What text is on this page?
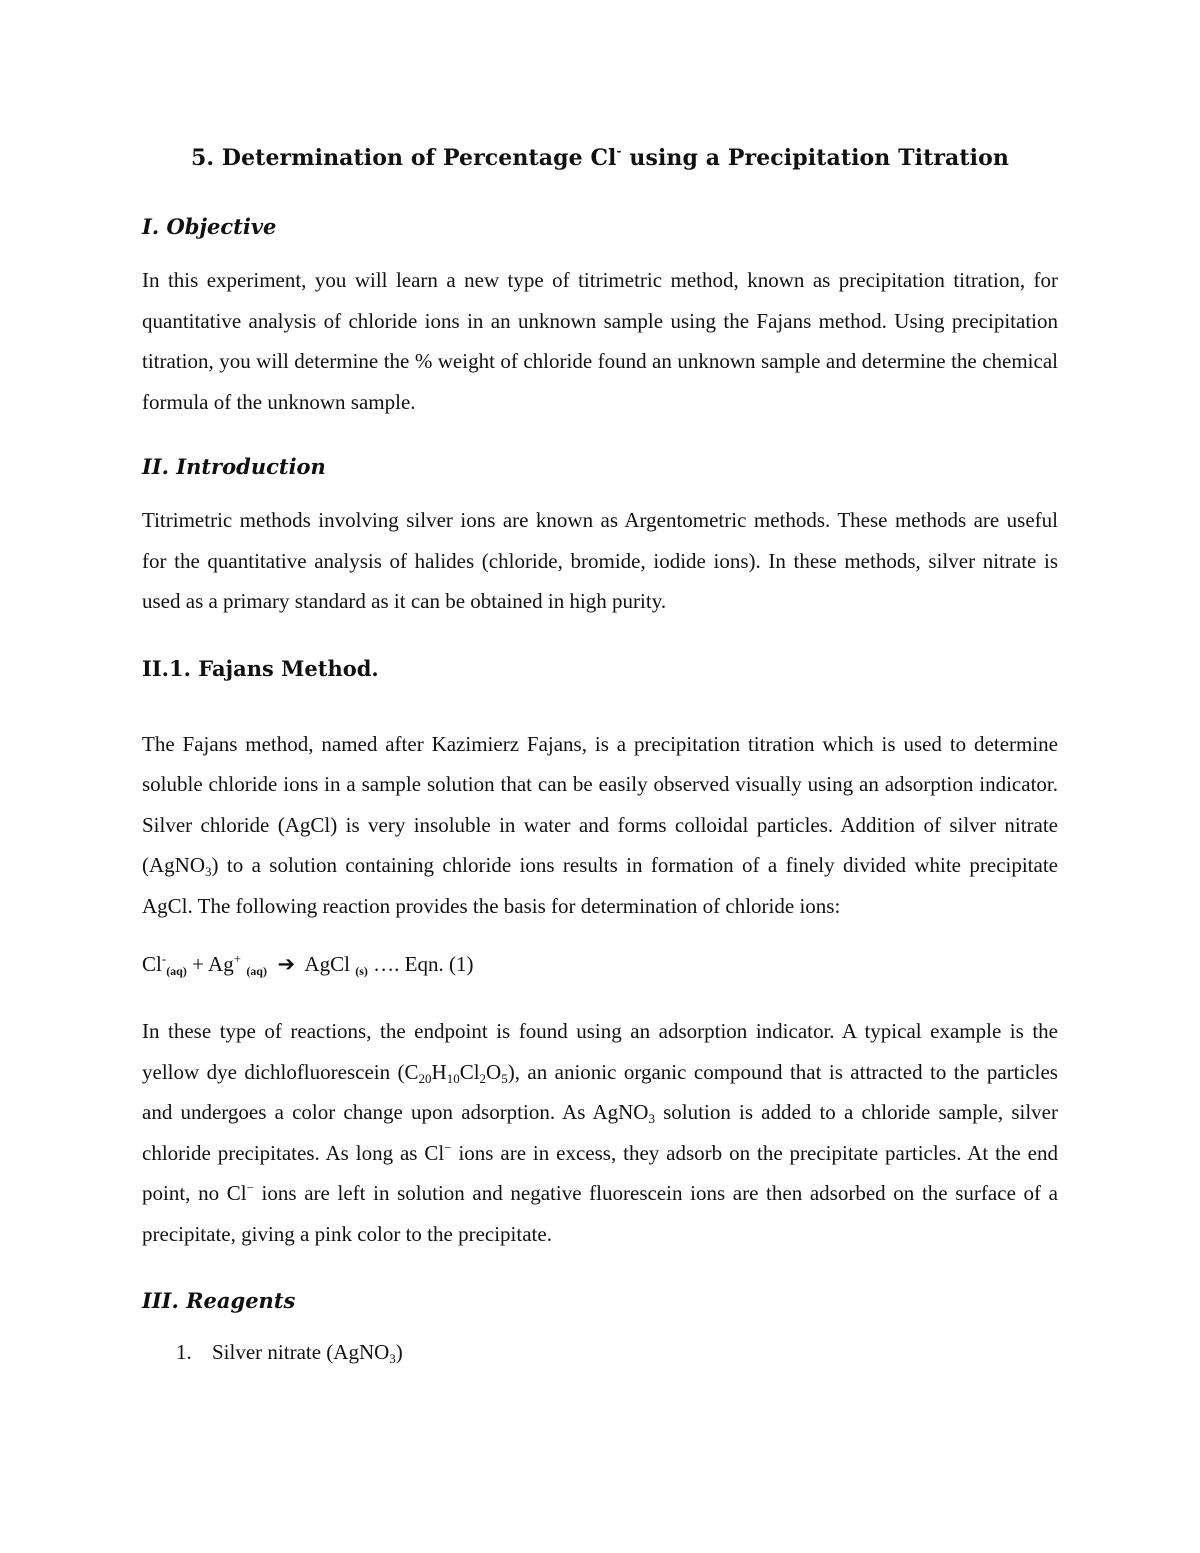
5. Determination of Percentage Cl- using a Precipitation Titration
I. Objective

In this experiment, you will learn a new type of titrimetric method, known as precipitation titration, for quantitative analysis of chloride ions in an unknown sample using the Fajans method. Using precipitation titration, you will determine the % weight of chloride found an unknown sample and determine the chemical formula of the unknown sample.

II. Introduction

Titrimetric methods involving silver ions are known as Argentometric methods. These methods are useful for the quantitative analysis of halides (chloride, bromide, iodide ions). In these methods, silver nitrate is used as a primary standard as it can be obtained in high purity.

II.1. Fajans Method.

The Fajans method, named after Kazimierz Fajans, is a precipitation titration which is used to determine soluble chloride ions in a sample solution that can be easily observed visually using an adsorption indicator. Silver chloride (AgCl) is very insoluble in water and forms colloidal particles. Addition of silver nitrate (AgNO$_3$) to a solution containing chloride ions results in formation of a finely divided white precipitate AgCl. The following reaction provides the basis for determination of chloride ions:

Cl-(aq) + Ag+ (aq) ➔  AgCl (s) …. Eqn. (1)

In these type of reactions, the endpoint is found using an adsorption indicator. A typical example is the yellow dye dichlofluorescein $(C_{20}H_{10}Cl_2O_5)$, an anionic organic compound that is attracted to the particles and undergoes a color change upon adsorption. As AgNO$_3$ solution is added to a chloride sample, silver chloride precipitates. As long as Cl− ions are in excess, they adsorb on the precipitate particles. At the end point, no Cl− ions are left in solution and negative fluorescein ions are then adsorbed on the surface of a precipitate, giving a pink color to the precipitate.

III. Reagents
1. Silver nitrate (AgNO$_3$)
